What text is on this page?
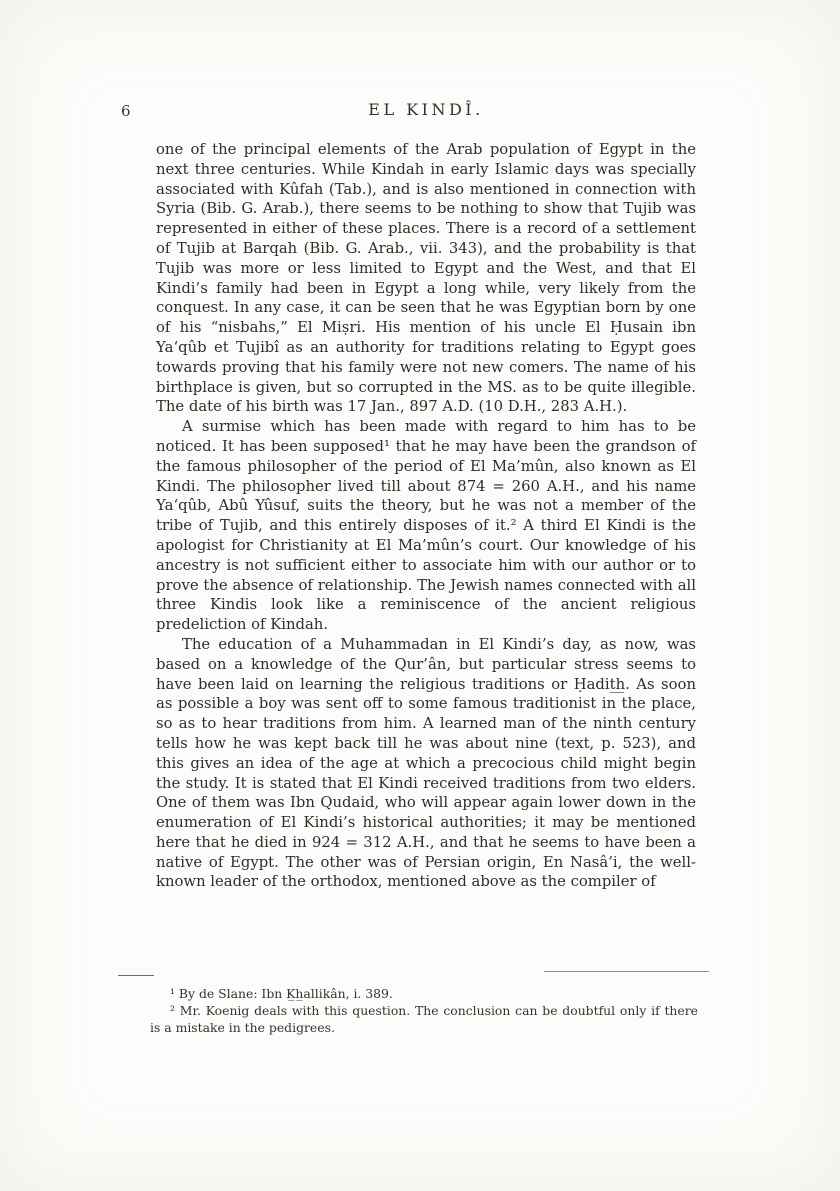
6	EL KINDÎ.

one of the principal elements of the Arab population of Egypt in the next three centuries. While Kindah in early Islamic days was specially associated with Kûfah (Tab.), and is also mentioned in connection with Syria (Bib. G. Arab.), there seems to be nothing to show that Tujib was represented in either of these places. There is a record of a settlement of Tujib at Barqah (Bib. G. Arab., vii. 343), and the probability is that Tujib was more or less limited to Egypt and the West, and that El Kindi’s family had been in Egypt a long while, very likely from the conquest. In any case, it can be seen that he was Egyptian born by one of his “nisbahs,” El Miṣri. His mention of his uncle El Ḥusain ibn Ya‘qûb et Tujibî as an authority for traditions relating to Egypt goes towards proving that his family were not new comers. The name of his birthplace is given, but so corrupted in the MS. as to be quite illegible. The date of his birth was 17 Jan., 897 A.D. (10 D.H., 283 A.H.).

A surmise which has been made with regard to him has to be noticed. It has been supposed¹ that he may have been the grandson of the famous philosopher of the period of El Ma’mûn, also known as El Kindi. The philosopher lived till about 874 = 260 A.H., and his name Ya‘qûb, Abû Yûsuf, suits the theory, but he was not a member of the tribe of Tujib, and this entirely disposes of it.² A third El Kindi is the apologist for Christianity at El Ma’mûn’s court. Our knowledge of his ancestry is not sufficient either to associate him with our author or to prove the absence of relationship. The Jewish names connected with all three Kindis look like a reminiscence of the ancient religious predeliction of Kindah.

The education of a Muhammadan in El Kindi’s day, as now, was based on a knowledge of the Qur’ân, but particular stress seems to have been laid on learning the religious traditions or Ḥadit̲h̲. As soon as possible a boy was sent off to some famous traditionist in the place, so as to hear traditions from him. A learned man of the ninth century tells how he was kept back till he was about nine (text, p. 523), and this gives an idea of the age at which a precocious child might begin the study. It is stated that El Kindi received traditions from two elders. One of them was Ibn Qudaid, who will appear again lower down in the enumeration of El Kindi’s historical authorities; it may be mentioned here that he died in 924 = 312 A.H., and that he seems to have been a native of Egypt. The other was of Persian origin, En Nasâ’i, the well-known leader of the orthodox, mentioned above as the compiler of

¹ By de Slane: Ibn K̲h̲allikân, i. 389.

² Mr. Koenig deals with this question. The conclusion can be doubtful only if there is a mistake in the pedigrees.
